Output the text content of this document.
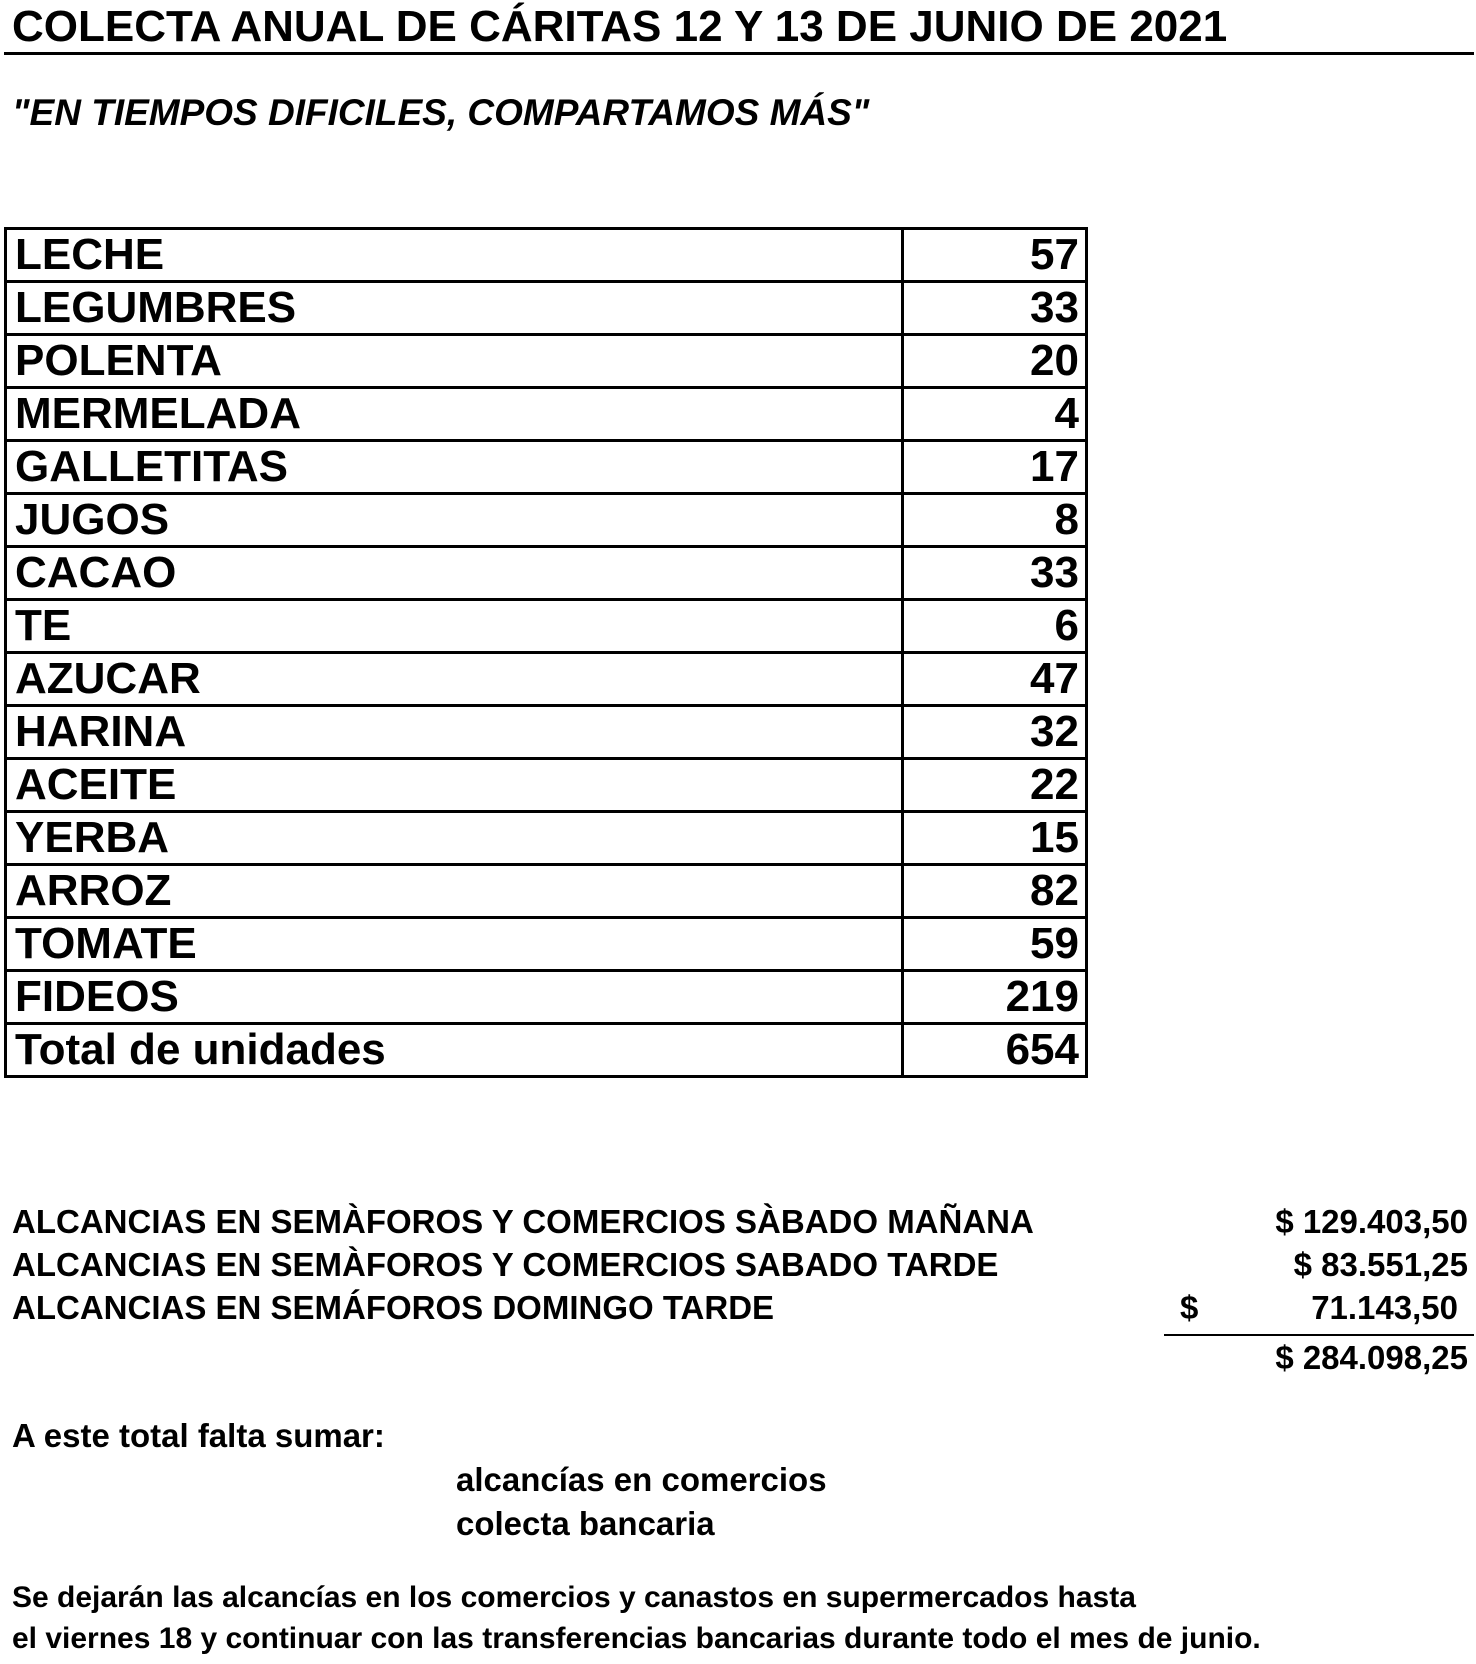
COLECTA ANUAL DE CÁRITAS 12 Y 13 DE JUNIO DE 2021
"EN TIEMPOS DIFICILES, COMPARTAMOS MÁS"
LECHE	57
LEGUMBRES	33
POLENTA	20
MERMELADA	4
GALLETITAS	17
JUGOS	8
CACAO	33
TE	6
AZUCAR	47
HARINA	32
ACEITE	22
YERBA	15
ARROZ	82
TOMATE	59
FIDEOS	219
Total de unidades	654
ALCANCIAS EN SEMÀFOROS Y COMERCIOS SÀBADO MAÑANA	$ 129.403,50
ALCANCIAS EN SEMÀFOROS Y COMERCIOS SABADO TARDE	$ 83.551,25
ALCANCIAS EN SEMÁFOROS DOMINGO TARDE	$	71.143,50
$ 284.098,25
A este total falta sumar:
alcancías en comercios
colecta bancaria
Se dejarán las alcancías en los comercios y canastos en supermercados hasta
el viernes 18 y continuar con las transferencias bancarias durante todo el mes de junio.
